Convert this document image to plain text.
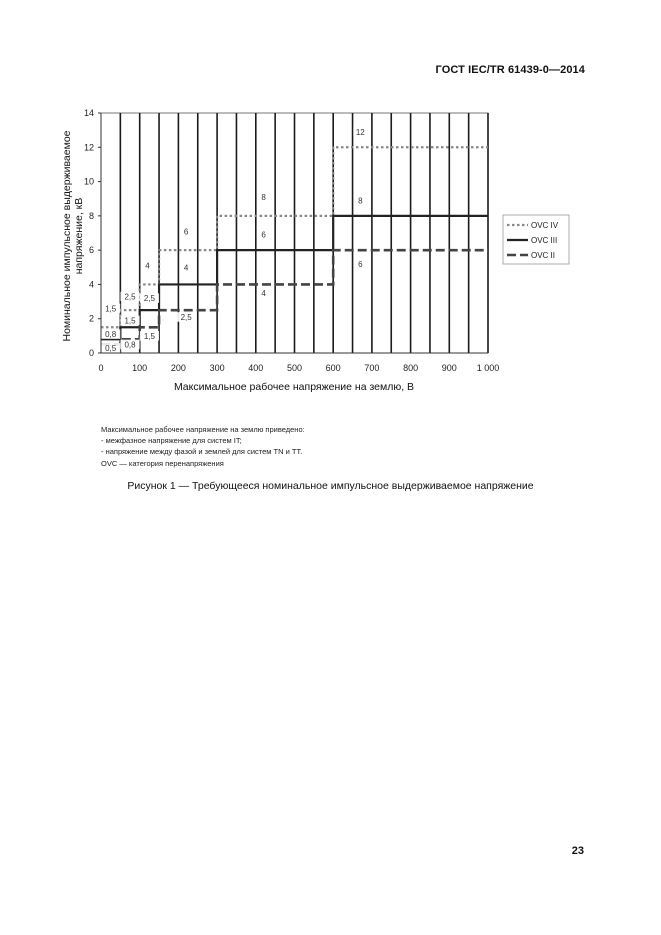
ГОСТ IEC/TR 61439-0—2014
1,5
2,5
4
6
8
12
0,8
1,5
2,5
4
6
8
0,5 0,8
1,5
2,5
4
6
0	100	200	300	400	500	600	700	800	900 1 000
0
2
4
6
8
10
12
14
Максимальное рабочее напряжение на землю, В
Номинальное импульсное выдерживаемое напряжение, кВ	OVC IV
OVC III
OVC II
Максимальное рабочее напряжение на землю приведено:
- межфазное напряжение для систем IT;
- напряжение между фазой и землей для систем TN и TT.
OVC — категория перенапряжения
Рисунок 1 — Требующееся номинальное импульсное выдерживаемое напряжение
23
